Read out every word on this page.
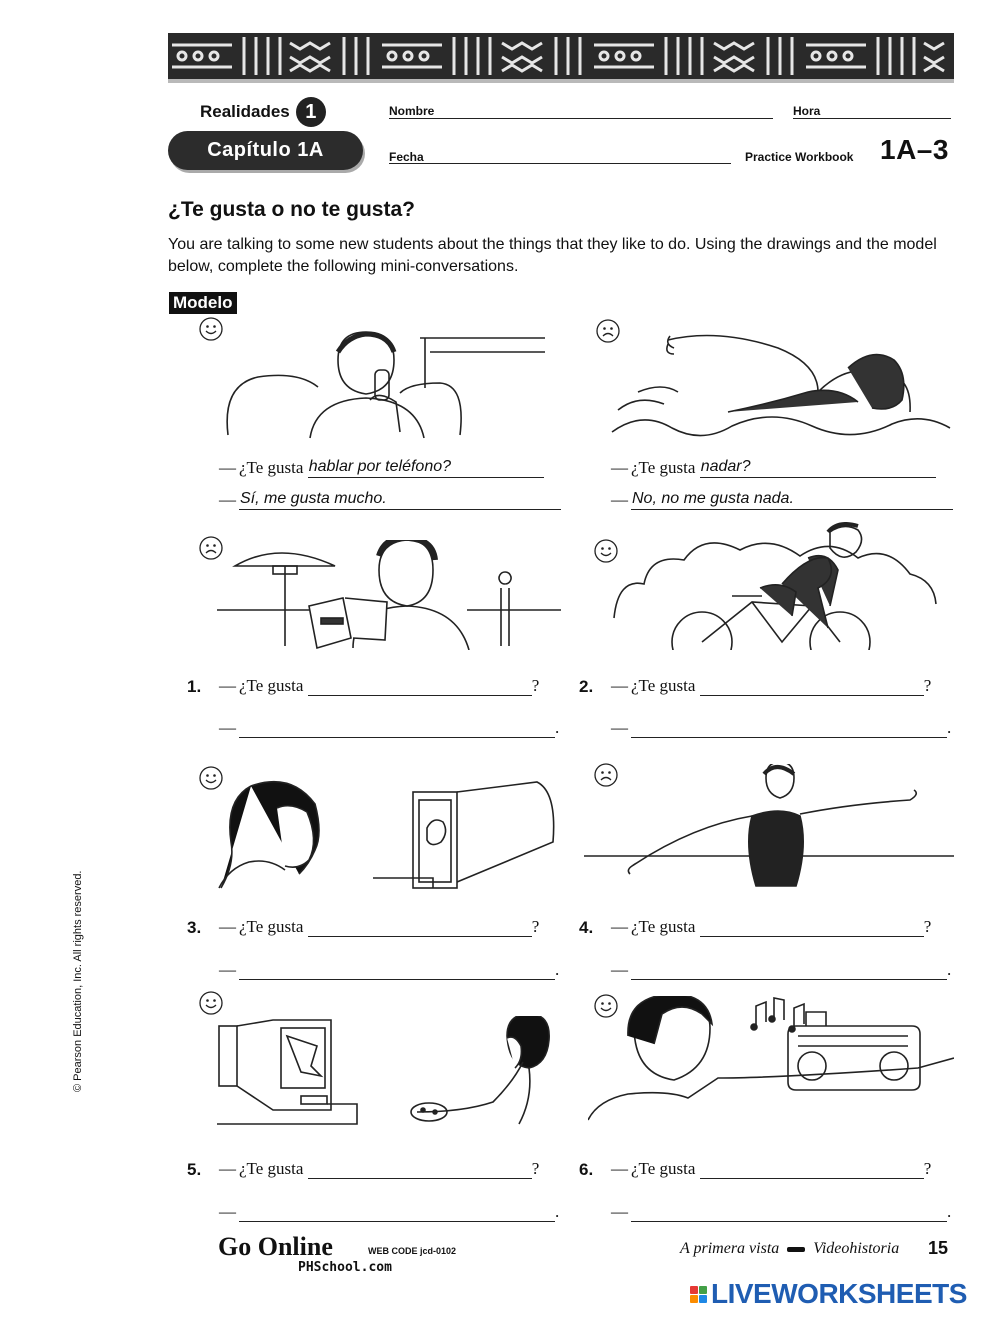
Realidades 1
Capítulo 1A
Nombre	Hora
Fecha	Practice Workbook 1A–3
¿Te gusta o no te gusta?
You are talking to some new students about the things that they like to do. Using the drawings and the model below, complete the following mini-conversations.
Modelo
— ¿Te gusta
hablar por teléfono?
— Sí, me gusta mucho.
— ¿Te gusta
nadar?
— No, no me gusta nada.
1. — ¿Te gusta
	?
—	.
2. — ¿Te gusta
	?
—	.
3. — ¿Te gusta
	?
—	.
4. — ¿Te gusta
	?
—	.
5. — ¿Te gusta
	?
—	.
6. — ¿Te gusta
	?
—	.
© Pearson Education, Inc. All rights reserved.
Go Online	WEB CODE jcd-0102
PHSchool.com
A primera vista Videohistoria 15
LIVEWORKSHEETS
